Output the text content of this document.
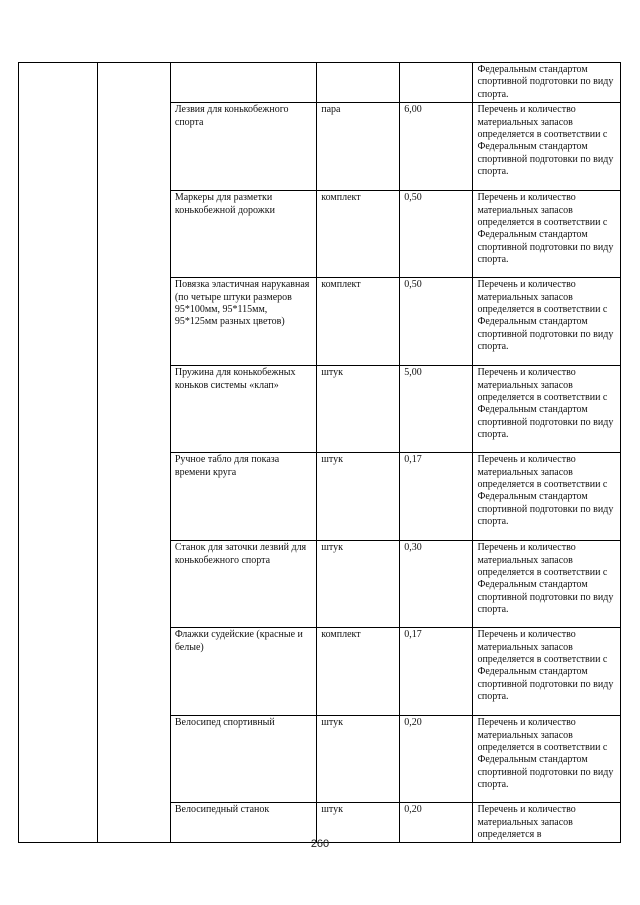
					Федеральным стандартом спортивной подготовки по виду спорта.
		Лезвия для конькобежного спорта	пара	6,00	Перечень и количество материальных запасов определяется в соответствии с Федеральным стандартом спортивной подготовки по виду спорта.
		Маркеры для разметки конькобежной дорожки	комплект	0,50	Перечень и количество материальных запасов определяется в соответствии с Федеральным стандартом спортивной подготовки по виду спорта.
		Повязка эластичная нарукавная (по четыре штуки размеров 95*100мм, 95*115мм, 95*125мм разных цветов)	комплект	0,50	Перечень и количество материальных запасов определяется в соответствии с Федеральным стандартом спортивной подготовки по виду спорта.
		Пружина для конькобежных коньков системы «клап»	штук	5,00	Перечень и количество материальных запасов определяется в соответствии с Федеральным стандартом спортивной подготовки по виду спорта.
		Ручное табло для показа времени круга	штук	0,17	Перечень и количество материальных запасов определяется в соответствии с Федеральным стандартом спортивной подготовки по виду спорта.
		Станок для заточки лезвий для конькобежного спорта	штук	0,30	Перечень и количество материальных запасов определяется в соответствии с Федеральным стандартом спортивной подготовки по виду спорта.
		Флажки судейские (красные и белые)	комплект	0,17	Перечень и количество материальных запасов определяется в соответствии с Федеральным стандартом спортивной подготовки по виду спорта.
		Велосипед спортивный	штук	0,20	Перечень и количество материальных запасов определяется в соответствии с Федеральным стандартом спортивной подготовки по виду спорта.
		Велосипедный станок	штук	0,20	Перечень и количество материальных запасов определяется в
260
